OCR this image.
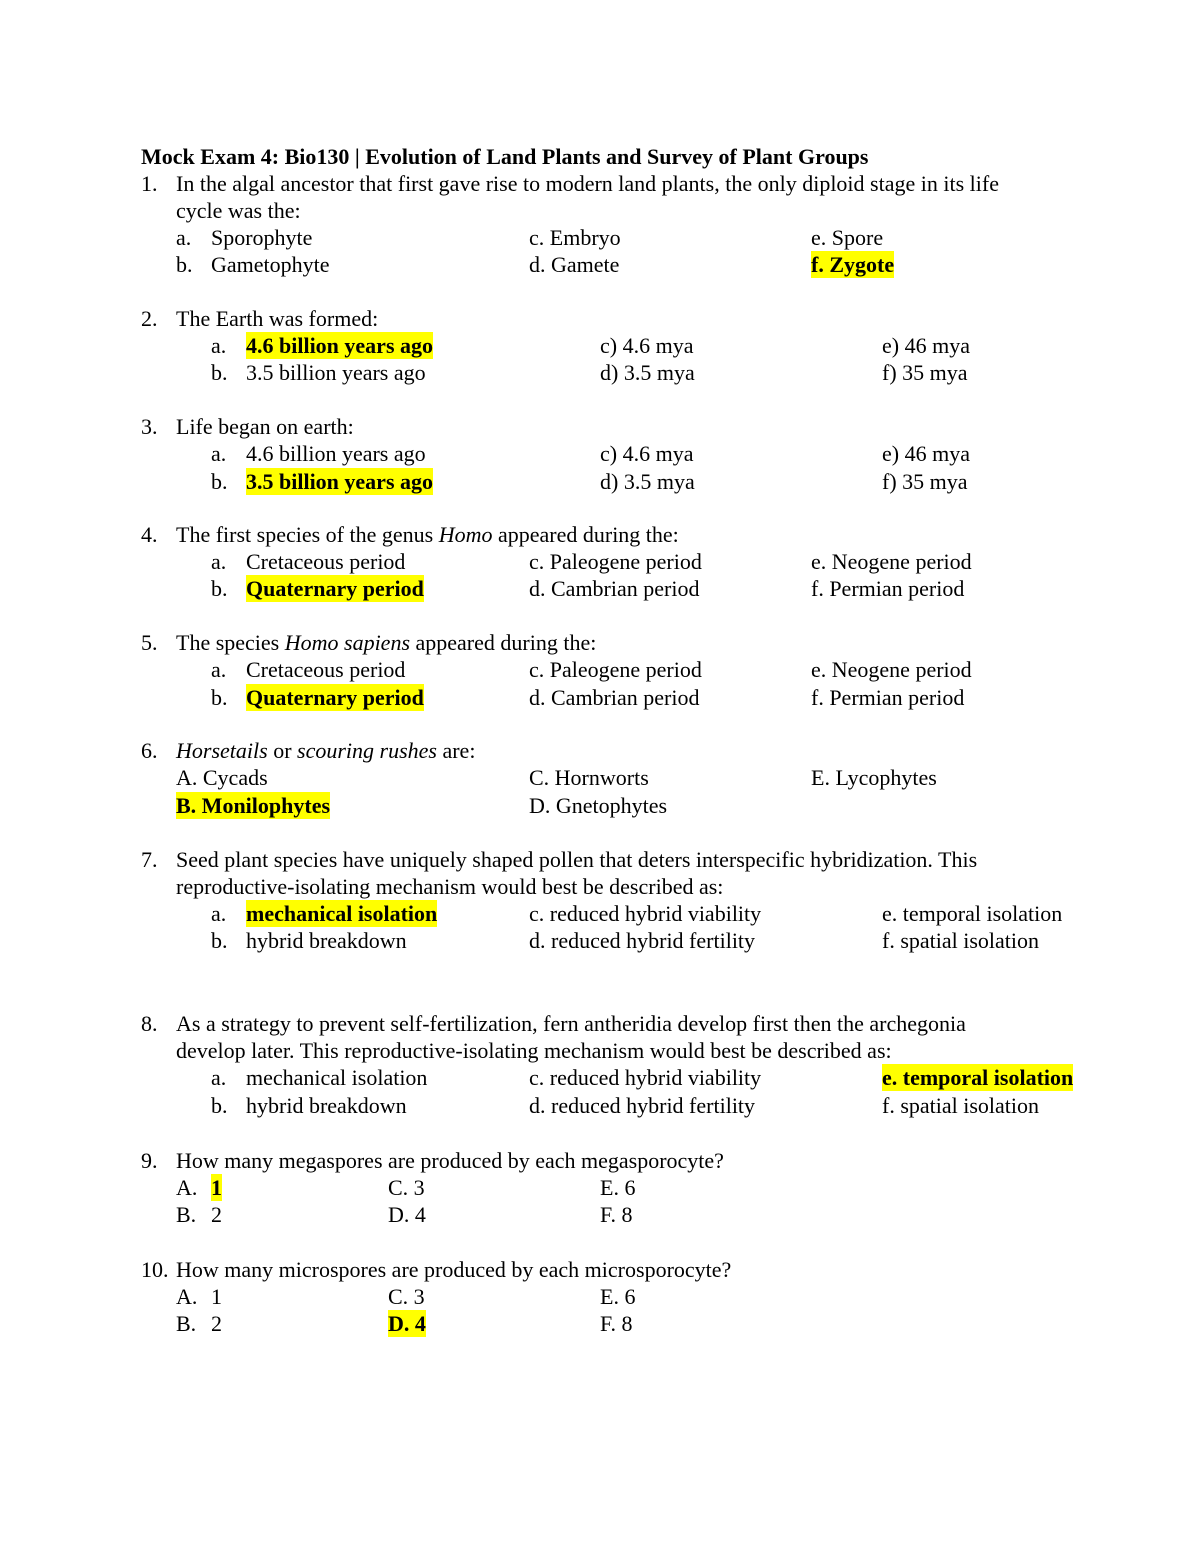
Mock Exam 4: Bio130 | Evolution of Land Plants and Survey of Plant Groups
1. In the algal ancestor that first gave rise to modern land plants, the only diploid stage in its life
cycle was the:
a. Sporophyte
b. Gametophyte
c. Embryo
d. Gamete
e. Spore
f. Zygote
2. The Earth was formed:
a. 4.6 billion years ago
b. 3.5 billion years ago
c) 4.6 mya
d) 3.5 mya
e) 46 mya
f) 35 mya
3. Life began on earth:
a. 4.6 billion years ago
b. 3.5 billion years ago
c) 4.6 mya
d) 3.5 mya
e) 46 mya
f) 35 mya
4. The first species of the genus Homo appeared during the:
a. Cretaceous period
b. Quaternary period
c. Paleogene period
d. Cambrian period
e. Neogene period
f. Permian period
5. The species Homo sapiens appeared during the:
a. Cretaceous period
b. Quaternary period
c. Paleogene period
d. Cambrian period
e. Neogene period
f. Permian period
6. Horsetails or scouring rushes are:
A. Cycads
B. Monilophytes
C. Hornworts
D. Gnetophytes
E. Lycophytes
7. Seed plant species have uniquely shaped pollen that deters interspecific hybridization. This
reproductive-isolating mechanism would best be described as:
a. mechanical isolation
b. hybrid breakdown
c. reduced hybrid viability
d. reduced hybrid fertility
e. temporal isolation
f. spatial isolation
8. As a strategy to prevent self-fertilization, fern antheridia develop first then the archegonia
develop later. This reproductive-isolating mechanism would best be described as:
a. mechanical isolation
b. hybrid breakdown
c. reduced hybrid viability
d. reduced hybrid fertility
e. temporal isolation
f. spatial isolation
9. How many megaspores are produced by each megasporocyte?
A. 1
B. 2
C. 3
D. 4
E. 6
F. 8
10. How many microspores are produced by each microsporocyte?
A. 1
B. 2
C. 3
D. 4
E. 6
F. 8
